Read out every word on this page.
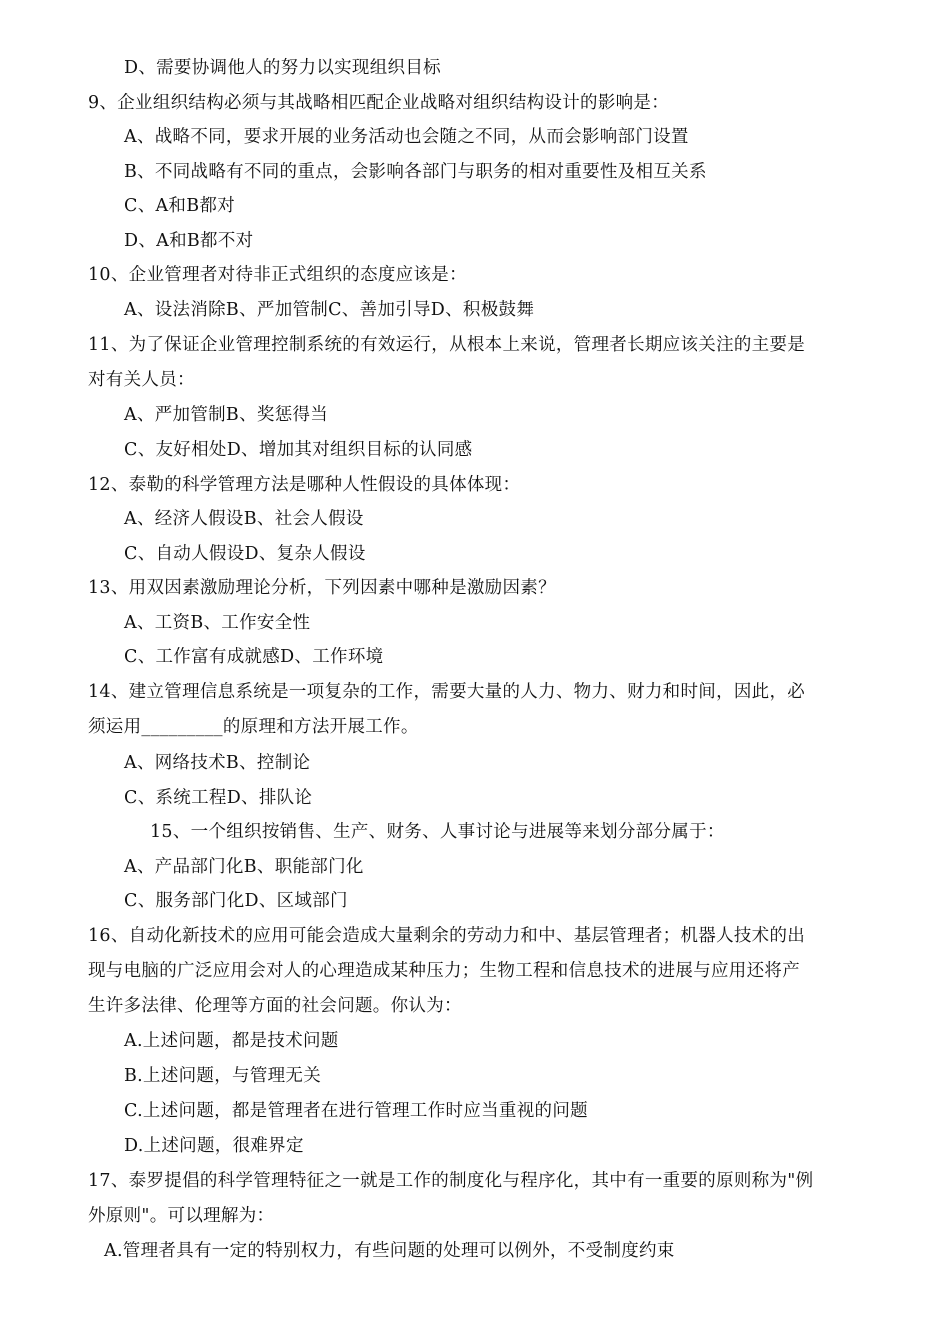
D、需要协调他人的努力以实现组织目标
9、企业组织结构必须与其战略相匹配企业战略对组织结构设计的影响是：
A、战略不同，要求开展的业务活动也会随之不同，从而会影响部门设置
B、不同战略有不同的重点，会影响各部门与职务的相对重要性及相互关系
C、A和B都对
D、A和B都不对
10、企业管理者对待非正式组织的态度应该是：
A、设法消除B、严加管制C、善加引导D、积极鼓舞
11、为了保证企业管理控制系统的有效运行，从根本上来说，管理者长期应该关注的主要是
对有关人员：
A、严加管制B、奖惩得当
C、友好相处D、增加其对组织目标的认同感
12、泰勒的科学管理方法是哪种人性假设的具体体现：
A、经济人假设B、社会人假设
C、自动人假设D、复杂人假设
13、用双因素激励理论分析，下列因素中哪种是激励因素？
A、工资B、工作安全性
C、工作富有成就感D、工作环境
14、建立管理信息系统是一项复杂的工作，需要大量的人力、物力、财力和时间，因此，必
须运用_________的原理和方法开展工作。
A、网络技术B、控制论
C、系统工程D、排队论
15、一个组织按销售、生产、财务、人事讨论与进展等来划分部分属于：
A、产品部门化B、职能部门化
C、服务部门化D、区域部门
16、自动化新技术的应用可能会造成大量剩余的劳动力和中、基层管理者；机器人技术的出
现与电脑的广泛应用会对人的心理造成某种压力；生物工程和信息技术的进展与应用还将产
生许多法律、伦理等方面的社会问题。你认为：
A.上述问题，都是技术问题
B.上述问题，与管理无关
C.上述问题，都是管理者在进行管理工作时应当重视的问题
D.上述问题，很难界定
17、泰罗提倡的科学管理特征之一就是工作的制度化与程序化，其中有一重要的原则称为"例
外原则"。可以理解为：
A.管理者具有一定的特别权力，有些问题的处理可以例外，不受制度约束
